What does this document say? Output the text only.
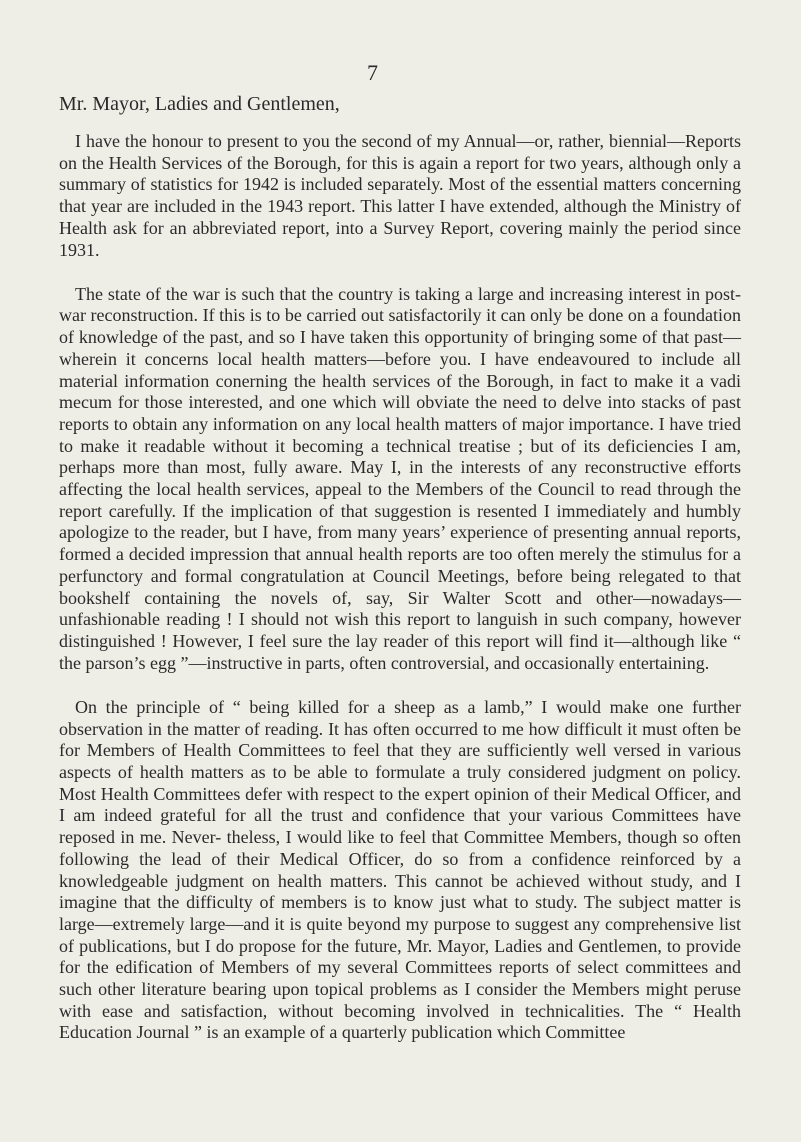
7

Mr. Mayor, Ladies and Gentlemen,

I have the honour to present to you the second of my Annual—or, rather, biennial—Reports on the Health Services of the Borough, for this is again a report for two years, although only a summary of statistics for 1942 is included separately. Most of the essential matters concerning that year are included in the 1943 report. This latter I have extended, although the Ministry of Health ask for an abbreviated report, into a Survey Report, covering mainly the period since 1931.

The state of the war is such that the country is taking a large and increasing interest in post-war reconstruction. If this is to be carried out satisfactorily it can only be done on a foundation of knowledge of the past, and so I have taken this opportunity of bringing some of that past—wherein it concerns local health matters—before you. I have endeavoured to include all material information conerning the health services of the Borough, in fact to make it a vadi mecum for those interested, and one which will obviate the need to delve into stacks of past reports to obtain any information on any local health matters of major importance. I have tried to make it readable without it becoming a technical treatise ; but of its deficiencies I am, perhaps more than most, fully aware. May I, in the interests of any reconstructive efforts affecting the local health services, appeal to the Members of the Council to read through the report carefully. If the implication of that suggestion is resented I immediately and humbly apologize to the reader, but I have, from many years’ experience of presenting annual reports, formed a decided impression that annual health reports are too often merely the stimulus for a perfunctory and formal congratulation at Council Meetings, before being relegated to that bookshelf containing the novels of, say, Sir Walter Scott and other—nowadays—unfashionable reading ! I should not wish this report to languish in such company, however distinguished ! However, I feel sure the lay reader of this report will find it—although like “ the parson’s egg ”—instructive in parts, often controversial, and occasionally entertaining.

On the principle of “ being killed for a sheep as a lamb,” I would make one further observation in the matter of reading. It has often occurred to me how difficult it must often be for Members of Health Committees to feel that they are sufficiently well versed in various aspects of health matters as to be able to formulate a truly considered judgment on policy. Most Health Committees defer with respect to the expert opinion of their Medical Officer, and I am indeed grateful for all the trust and confidence that your various Committees have reposed in me. Never- theless, I would like to feel that Committee Members, though so often following the lead of their Medical Officer, do so from a confidence reinforced by a knowledgeable judgment on health matters. This cannot be achieved without study, and I imagine that the difficulty of members is to know just what to study. The subject matter is large—extremely large—and it is quite beyond my purpose to suggest any comprehensive list of publications, but I do propose for the future, Mr. Mayor, Ladies and Gentlemen, to provide for the edification of Members of my several Committees reports of select committees and such other literature bearing upon topical problems as I consider the Members might peruse with ease and satisfaction, without becoming involved in technicalities. The “ Health Education Journal ” is an example of a quarterly publication which Committee
